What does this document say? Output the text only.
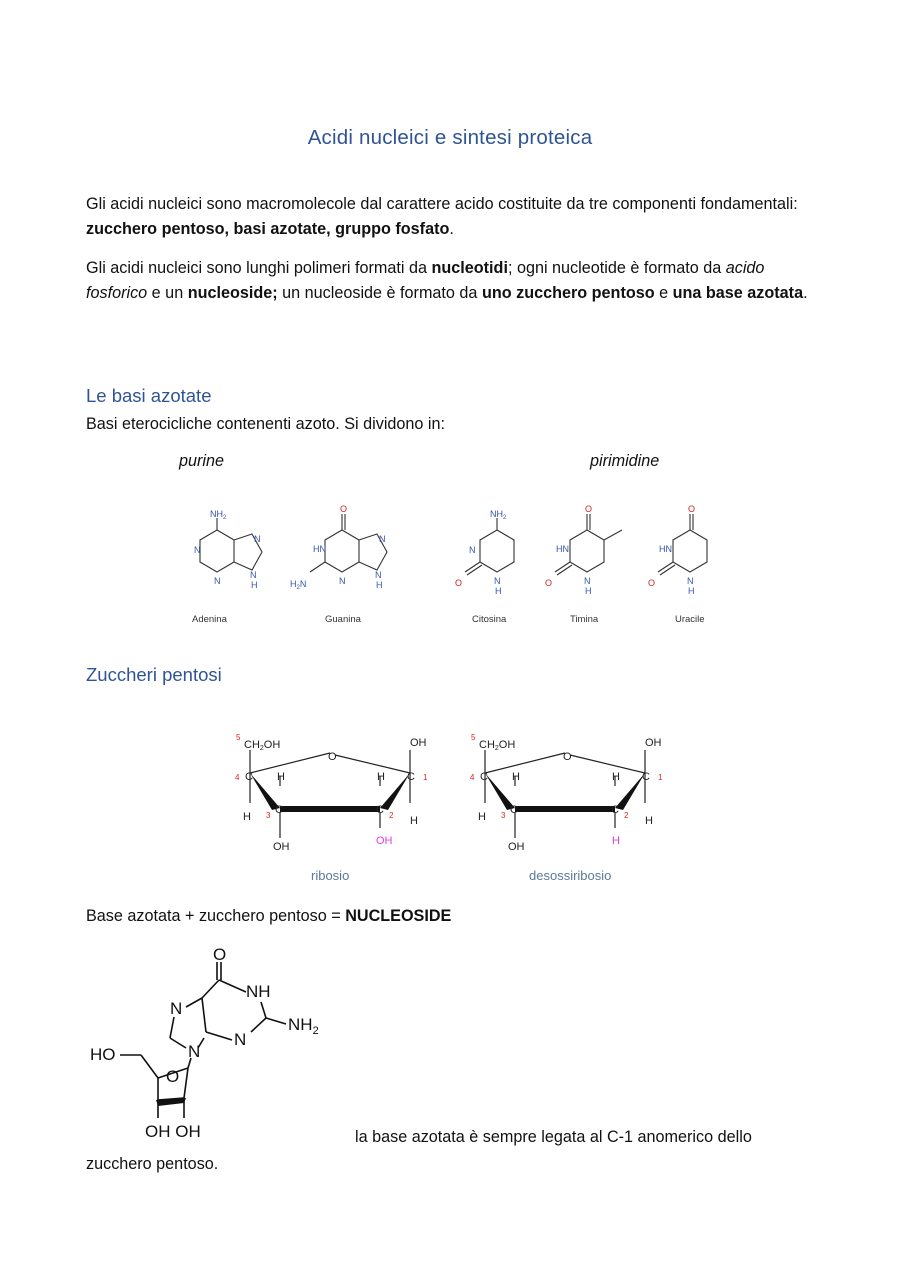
Acidi nucleici e sintesi proteica

Gli acidi nucleici sono macromolecole dal carattere acido costituite da tre componenti fondamentali: zucchero pentoso, basi azotate, gruppo fosfato.

Gli acidi nucleici sono lunghi polimeri formati da nucleotidi; ogni nucleotide è formato da acido fosforico e un nucleoside; un nucleoside è formato da uno zucchero pentoso e una base azotata.

Le basi azotate

Basi eterocicliche contenenti azoto. Si dividono in:

purine	pirimidine
$NH_2$
N
N
N
N
H
HN
$H_2N$	N
N
N
H
$NH_2$
N
N
H
HN
N
H
HN
N
H
O
O
O
O
O
O
Adenina	Guanina	Citosina	Timina	Uracile
Zuccheri pentosi
CH2OH
O
OH
C H	H C
C	C
H	H
OH	OH
CH2OH
O
OH
C H	H C
C	C
H	H
OH	H
5
4
3	2
1
5
4
3	2
1
ribosio	desossiribosio

Base azotata + zucchero pentoso = NUCLEOSIDE

O
NH
N
N
N
$NH_2$
HO
O
OH OH	la base azotata è sempre legata al C-1 anomerico dello
zucchero pentoso.
